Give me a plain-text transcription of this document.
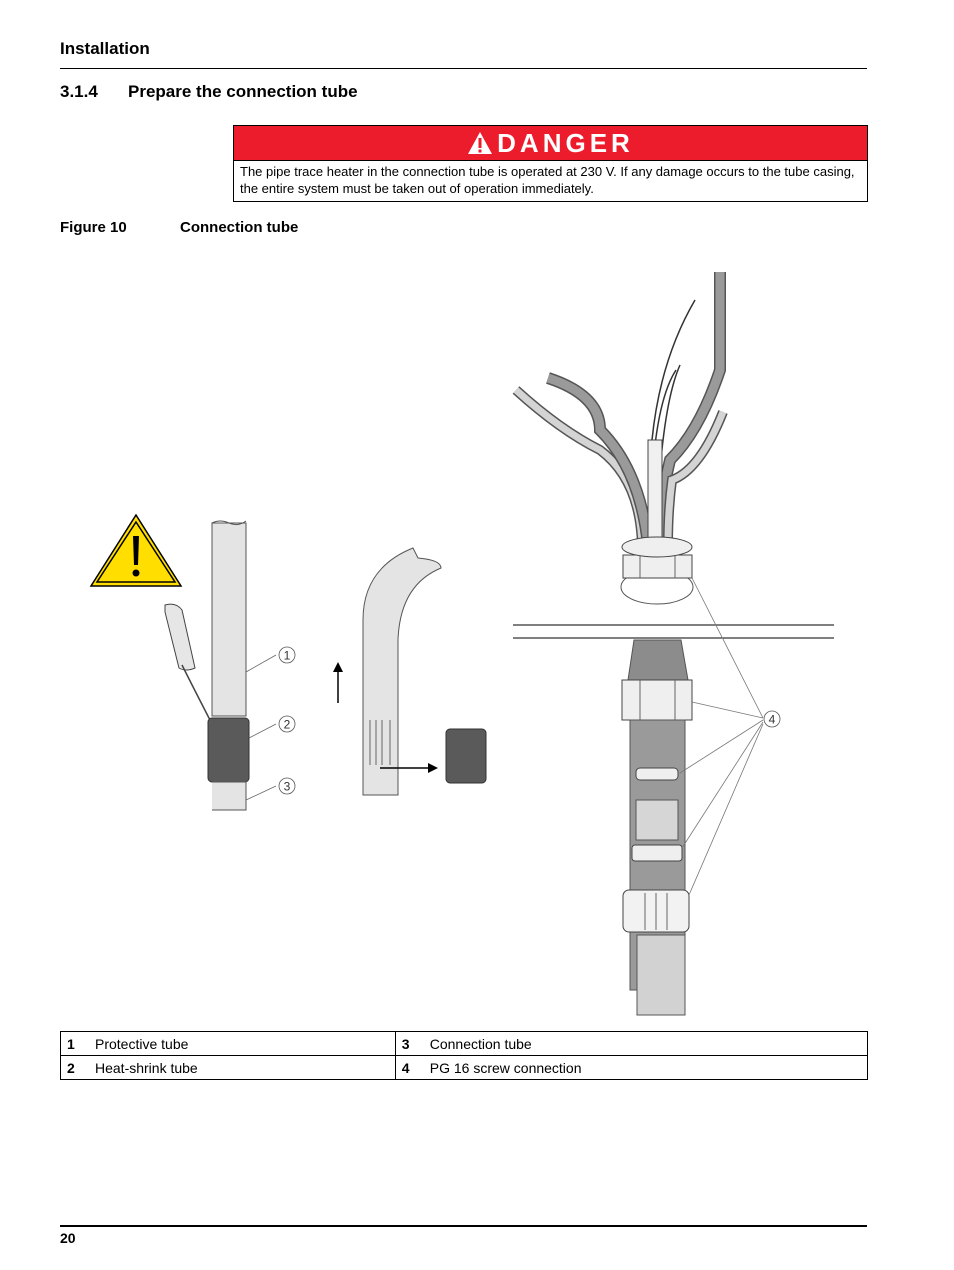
Installation
3.1.4 Prepare the connection tube
DANGER
The pipe trace heater in the connection tube is operated at 230 V. If any damage occurs to the tube casing, the entire system must be taken out of operation immediately.
Figure 10	Connection tube
1
2
3
4
1	Protective tube	3	Connection tube
2	Heat-shrink tube	4	PG 16 screw connection
20
